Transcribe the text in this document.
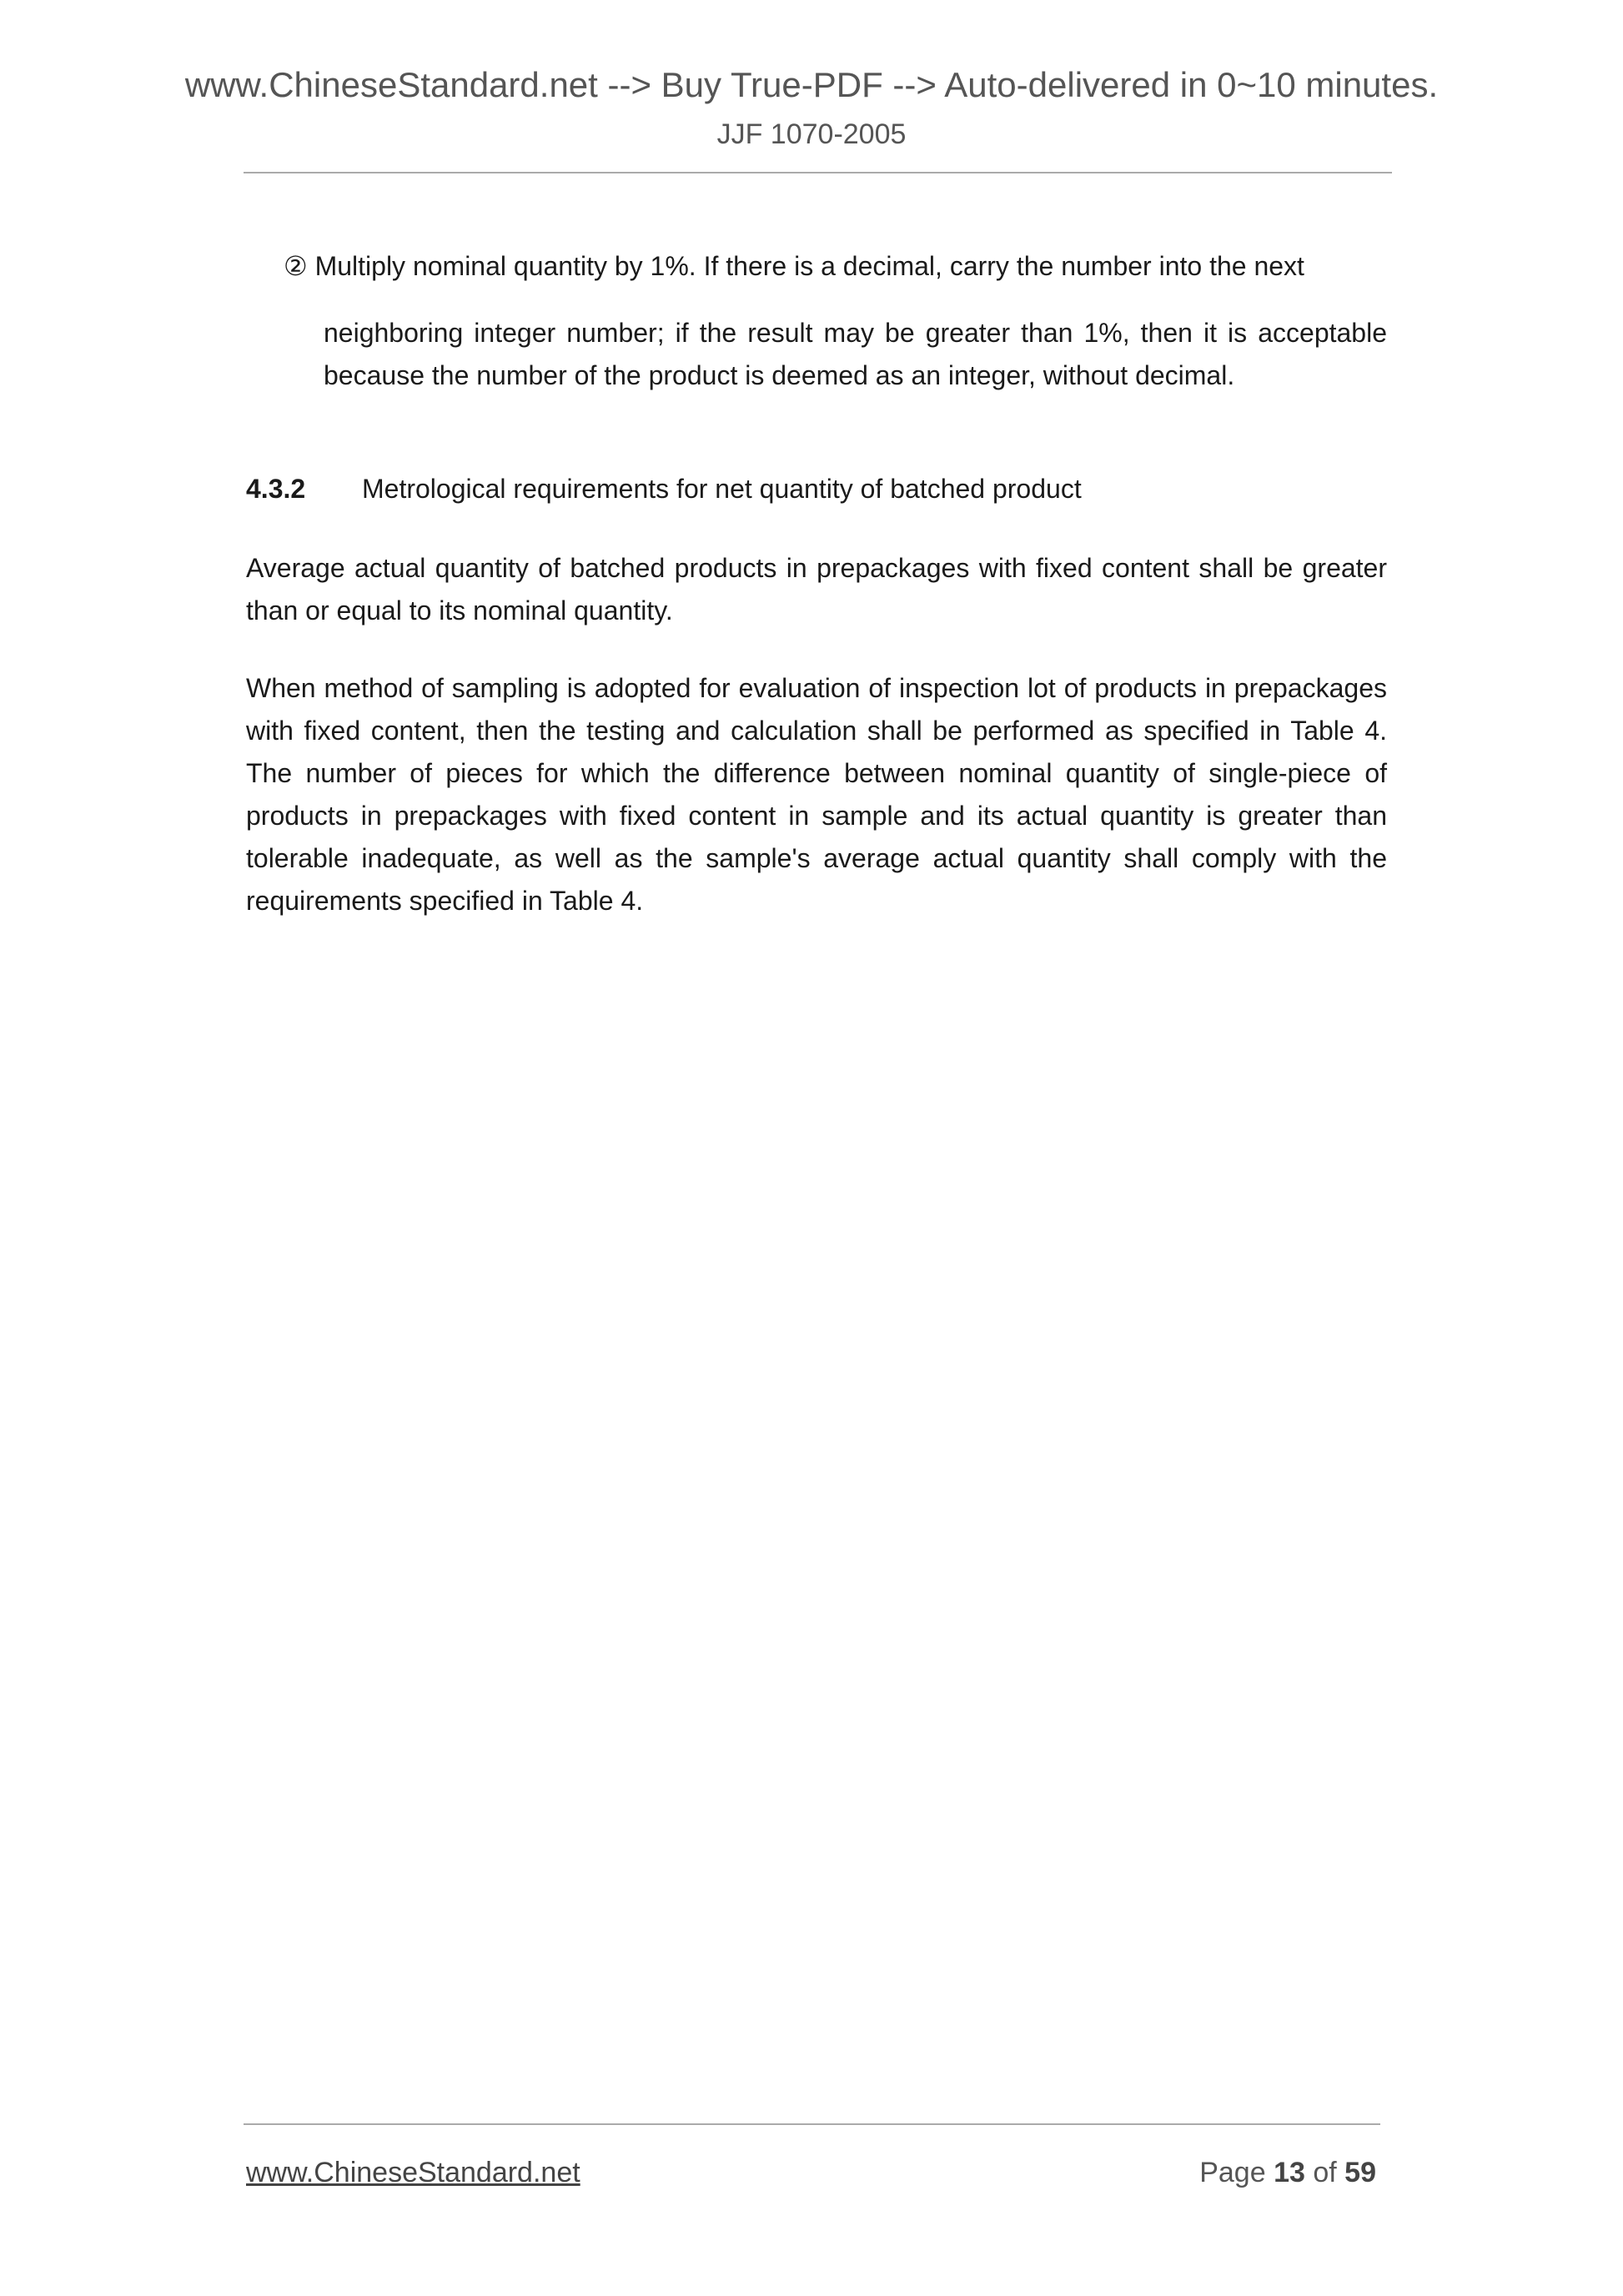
www.ChineseStandard.net --> Buy True-PDF --> Auto-delivered in 0~10 minutes.
JJF 1070-2005
② Multiply nominal quantity by 1%. If there is a decimal, carry the number into the next
neighboring integer number; if the result may be greater than 1%, then it is acceptable because the number of the product is deemed as an integer, without decimal.
4.3.2 Metrological requirements for net quantity of batched product
Average actual quantity of batched products in prepackages with fixed content shall be greater than or equal to its nominal quantity.
When method of sampling is adopted for evaluation of inspection lot of products in prepackages with fixed content, then the testing and calculation shall be performed as specified in Table 4. The number of pieces for which the difference between nominal quantity of single-piece of products in prepackages with fixed content in sample and its actual quantity is greater than tolerable inadequate, as well as the sample's average actual quantity shall comply with the requirements specified in Table 4.
www.ChineseStandard.net	Page 13 of 59
